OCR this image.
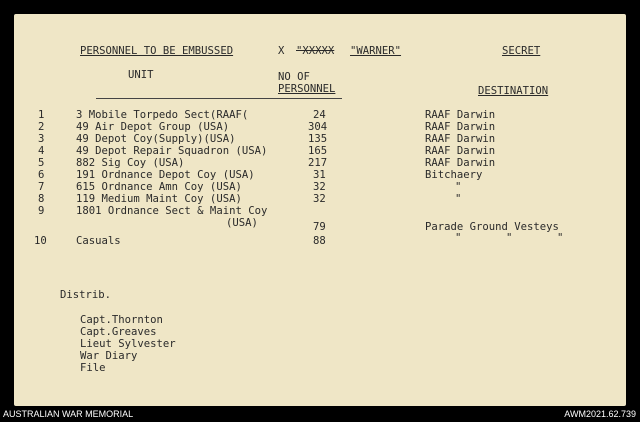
PERSONNEL TO BE EMBUSSED	X "XXXXX "WARNER"	SECRET
UNIT	NO OF
PERSONNEL	DESTINATION
1	3 Mobile Torpedo Sect(RAAF(	24	RAAF Darwin
2	49 Air Depot Group (USA)	304	RAAF Darwin
3	49 Depot Coy(Supply)(USA)	135	RAAF Darwin
4	49 Depot Repair Squadron (USA)	165	RAAF Darwin
5	882 Sig Coy (USA)	217	RAAF Darwin
6	191 Ordnance Depot Coy (USA)	31	Bitchaery
7	615 Ordnance Amn Coy (USA)	32	"
8	119 Medium Maint Coy (USA)	32	"
9	1801 Ordnance Sect & Maint Coy
(USA)	79	Parade Ground Vesteys
"       "       "
10	Casuals	88
Distrib.
Capt.Thornton
Capt.Greaves
Lieut Sylvester
War Diary
File
AUSTRALIAN WAR MEMORIAL	AWM2021.62.739
